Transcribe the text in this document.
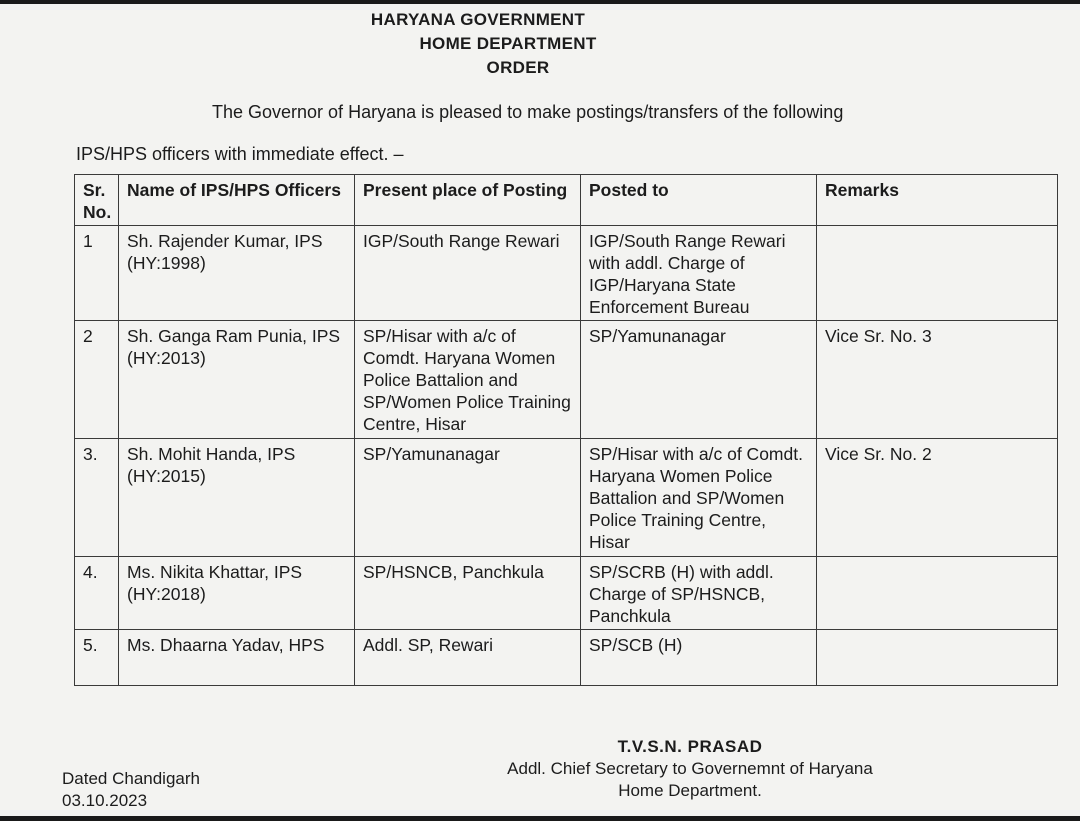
HARYANA GOVERNMENT
HOME DEPARTMENT
ORDER
The Governor of Haryana is pleased to make postings/transfers of the following
IPS/HPS officers with immediate effect. –
Sr. No.	Name of IPS/HPS Officers	Present place of Posting	Posted to	Remarks
1	Sh. Rajender Kumar, IPS (HY:1998)	IGP/South Range Rewari	IGP/South Range Rewari with addl. Charge of IGP/Haryana State Enforcement Bureau	
2	Sh. Ganga Ram Punia, IPS (HY:2013)	SP/Hisar with a/c of Comdt. Haryana Women Police Battalion and SP/Women Police Training Centre, Hisar	SP/Yamunanagar	Vice Sr. No. 3
3.	Sh. Mohit Handa, IPS (HY:2015)	SP/Yamunanagar	SP/Hisar with a/c of Comdt. Haryana Women Police Battalion and SP/Women Police Training Centre, Hisar	Vice Sr. No. 2
4.	Ms. Nikita Khattar, IPS (HY:2018)	SP/HSNCB, Panchkula	SP/SCRB (H) with addl. Charge of SP/HSNCB, Panchkula	
5.	Ms. Dhaarna Yadav, HPS	Addl. SP, Rewari	SP/SCB (H)	
Dated Chandigarh
03.10.2023
T.V.S.N. PRASAD
Addl. Chief Secretary to Governemnt of Haryana
Home Department.
